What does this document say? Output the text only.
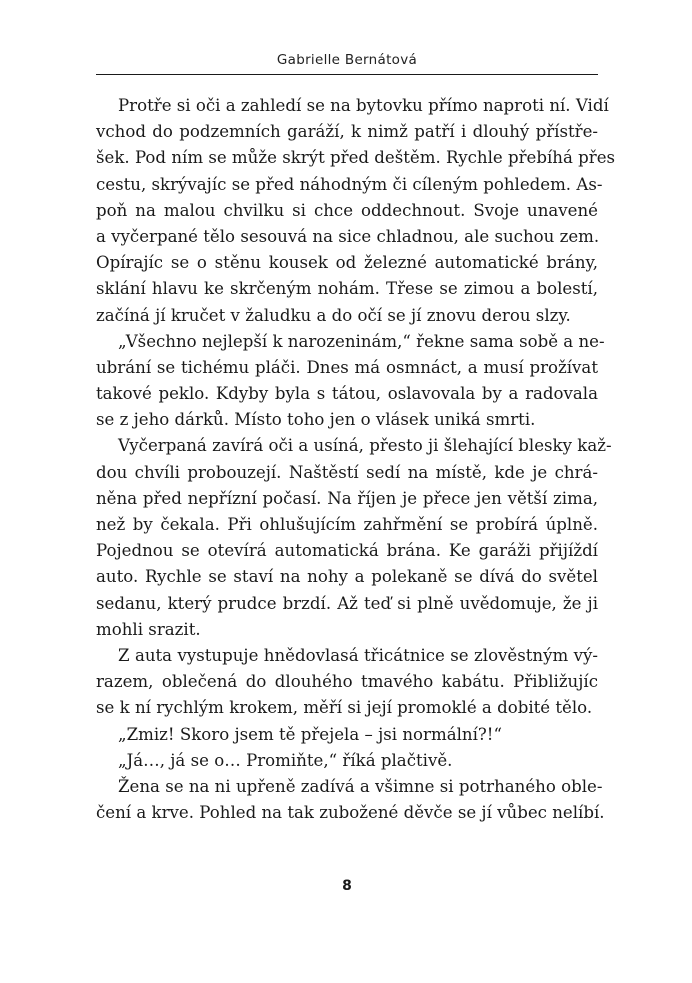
Gabrielle Bernátová
Protře si oči a zahledí se na bytovku přímo naproti ní. Vidí
vchod do podzemních garáží, k nimž patří i dlouhý přístře-
šek. Pod ním se může skrýt před deštěm. Rychle přebíhá přes
cestu, skrývajíc se před náhodným či cíleným pohledem. As-
poň na malou chvilku si chce oddechnout. Svoje unavené
a vyčerpané tělo sesouvá na sice chladnou, ale suchou zem.
Opírajíc se o stěnu kousek od železné automatické brány,
sklání hlavu ke skrčeným nohám. Třese se zimou a bolestí,
začíná jí kručet v žaludku a do očí se jí znovu derou slzy.
„Všechno nejlepší k narozeninám,“ řekne sama sobě a ne-
ubrání se tichému pláči. Dnes má osmnáct, a musí prožívat
takové peklo. Kdyby byla s tátou, oslavovala by a radovala
se z jeho dárků. Místo toho jen o vlásek uniká smrti.
Vyčerpaná zavírá oči a usíná, přesto ji šlehající blesky kaž-
dou chvíli probouzejí. Naštěstí sedí na místě, kde je chrá-
něna před nepřízní počasí. Na říjen je přece jen větší zima,
než by čekala. Při ohlušujícím zahřmění se probírá úplně.
Pojednou se otevírá automatická brána. Ke garáži přijíždí
auto. Rychle se staví na nohy a polekaně se dívá do světel
sedanu, který prudce brzdí. Až teď si plně uvědomuje, že ji
mohli srazit.
Z auta vystupuje hnědovlasá třicátnice se zlověstným vý-
razem, oblečená do dlouhého tmavého kabátu. Přibližujíc
se k ní rychlým krokem, měří si její promoklé a dobité tělo.
„Zmiz! Skoro jsem tě přejela – jsi normální?!“
„Já…, já se o… Promiňte,“ říká plačtivě.
Žena se na ni upřeně zadívá a všimne si potrhaného oble-
čení a krve. Pohled na tak zubožené děvče se jí vůbec nelíbí.
8
